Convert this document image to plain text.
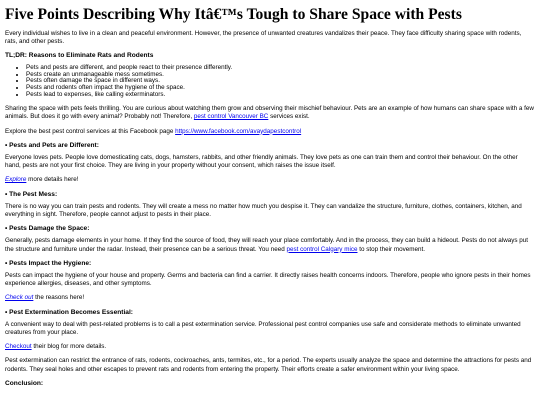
Five Points Describing Why Itâ€™s Tough to Share Space with Pests

Every individual wishes to live in a clean and peaceful environment. However, the presence of unwanted creatures vandalizes their peace. They face difficulty sharing space with rodents, rats, and other pests.

TL;DR: Reasons to Eliminate Rats and Rodents
• Pets and pests are different, and people react to their presence differently.
• Pests create an unmanageable mess sometimes.
• Pests often damage the space in different ways.
• Pests and rodents often impact the hygiene of the space.
• Pests lead to expenses, like calling exterminators.

Sharing the space with pets feels thrilling. You are curious about watching them grow and observing their mischief behaviour. Pets are an example of how humans can share space with a few animals. But does it go with every animal? Probably not! Therefore, pest control Vancouver BC services exist.

Explore the best pest control services at this Facebook page https://www.facebook.com/avaydapestcontrol

• Pests and Pets are Different:

Everyone loves pets. People love domesticating cats, dogs, hamsters, rabbits, and other friendly animals. They love pets as one can train them and control their behaviour. On the other hand, pests are not your first choice. They are living in your property without your consent, which raises the issue itself.

Explore more details here!

• The Pest Mess:

There is no way you can train pests and rodents. They will create a mess no matter how much you despise it. They can vandalize the structure, furniture, clothes, containers, kitchen, and everything in sight. Therefore, people cannot adjust to pests in their place.

• Pests Damage the Space:

Generally, pests damage elements in your home. If they find the source of food, they will reach your place comfortably. And in the process, they can build a hideout. Pests do not always put the structure and furniture under the radar. Instead, their presence can be a serious threat. You need pest control Calgary mice to stop their movement.

• Pests Impact the Hygiene:

Pests can impact the hygiene of your house and property. Germs and bacteria can find a carrier. It directly raises health concerns indoors. Therefore, people who ignore pests in their homes experience allergies, diseases, and other symptoms.

Check out the reasons here!

• Pest Extermination Becomes Essential:

A convenient way to deal with pest-related problems is to call a pest extermination service. Professional pest control companies use safe and considerate methods to eliminate unwanted creatures from your place.

Checkout their blog for more details.

Pest extermination can restrict the entrance of rats, rodents, cockroaches, ants, termites, etc., for a period. The experts usually analyze the space and determine the attractions for pests and rodents. They seal holes and other escapes to prevent rats and rodents from entering the property. Their efforts create a safer environment within your living space.

Conclusion:
